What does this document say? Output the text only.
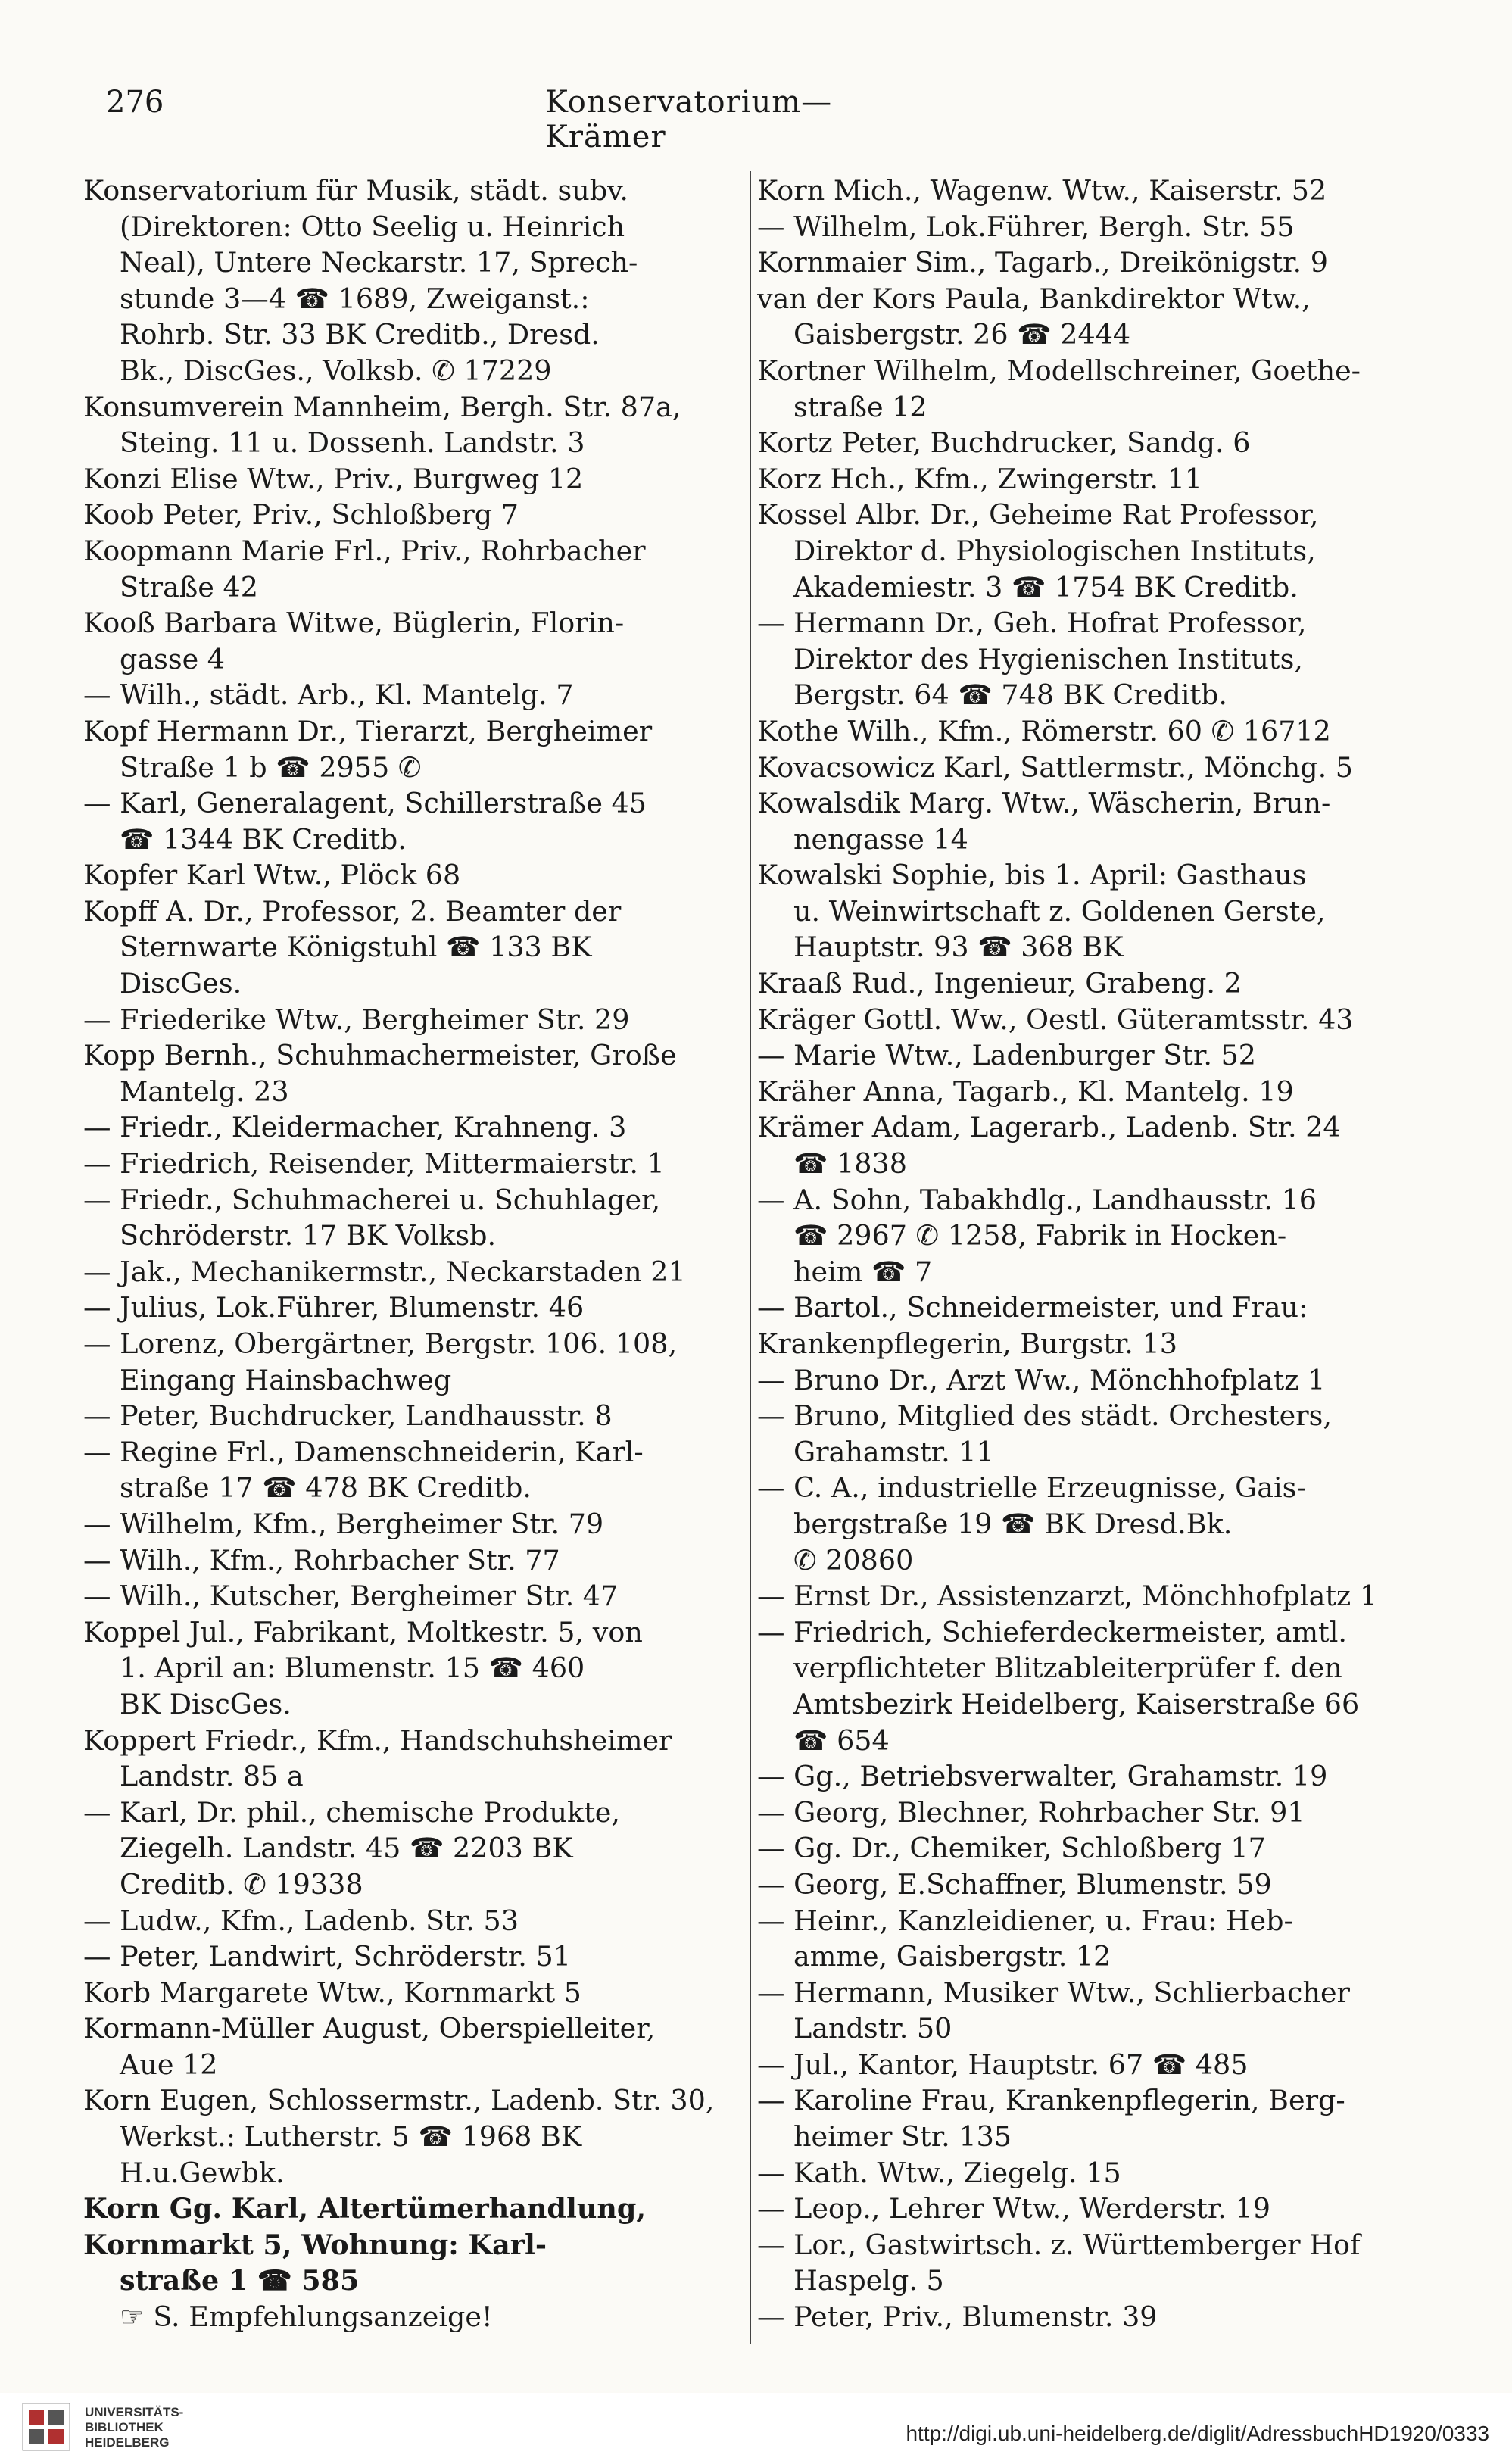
276	Konservatorium—Krämer
Konservatorium für Musik, städt. subv.
(Direktoren: Otto Seelig u. Heinrich
Neal), Untere Neckarstr. 17, Sprech-
stunde 3—4 ☎ 1689, Zweiganst.:
Rohrb. Str. 33 BK Creditb., Dresd.
Bk., DiscGes., Volksb. ✆ 17229
Konsumverein Mannheim, Bergh. Str. 87a,
Steing. 11 u. Dossenh. Landstr. 3
Konzi Elise Wtw., Priv., Burgweg 12
Koob Peter, Priv., Schloßberg 7
Koopmann Marie Frl., Priv., Rohrbacher
Straße 42
Kooß Barbara Witwe, Büglerin, Florin-
gasse 4
— Wilh., städt. Arb., Kl. Mantelg. 7
Kopf Hermann Dr., Tierarzt, Bergheimer
Straße 1 b ☎ 2955 ✆
— Karl, Generalagent, Schillerstraße 45
☎ 1344 BK Creditb.
Kopfer Karl Wtw., Plöck 68
Kopff A. Dr., Professor, 2. Beamter der
Sternwarte Königstuhl ☎ 133 BK
DiscGes.
— Friederike Wtw., Bergheimer Str. 29
Kopp Bernh., Schuhmachermeister, Große
Mantelg. 23
— Friedr., Kleidermacher, Krahneng. 3
— Friedrich, Reisender, Mittermaierstr. 1
— Friedr., Schuhmacherei u. Schuhlager,
Schröderstr. 17 BK Volksb.
— Jak., Mechanikermstr., Neckarstaden 21
— Julius, Lok.Führer, Blumenstr. 46
— Lorenz, Obergärtner, Bergstr. 106. 108,
Eingang Hainsbachweg
— Peter, Buchdrucker, Landhausstr. 8
— Regine Frl., Damenschneiderin, Karl-
straße 17 ☎ 478 BK Creditb.
— Wilhelm, Kfm., Bergheimer Str. 79
— Wilh., Kfm., Rohrbacher Str. 77
— Wilh., Kutscher, Bergheimer Str. 47
Koppel Jul., Fabrikant, Moltkestr. 5, von
1. April an: Blumenstr. 15 ☎ 460
BK DiscGes.
Koppert Friedr., Kfm., Handschuhsheimer
Landstr. 85 a
— Karl, Dr. phil., chemische Produkte,
Ziegelh. Landstr. 45 ☎ 2203 BK
Creditb. ✆ 19338
— Ludw., Kfm., Ladenb. Str. 53
— Peter, Landwirt, Schröderstr. 51
Korb Margarete Wtw., Kornmarkt 5
Kormann-Müller August, Oberspielleiter,
Aue 12
Korn Eugen, Schlossermstr., Ladenb. Str. 30,
Werkst.: Lutherstr. 5 ☎ 1968 BK
H.u.Gewbk.
Korn Gg. Karl, Altertümerhandlung,
Kornmarkt 5, Wohnung: Karl-
straße 1 ☎ 585
☞ S. Empfehlungsanzeige!
Korn Mich., Wagenw. Wtw., Kaiserstr. 52
— Wilhelm, Lok.Führer, Bergh. Str. 55
Kornmaier Sim., Tagarb., Dreikönigstr. 9
van der Kors Paula, Bankdirektor Wtw.,
Gaisbergstr. 26 ☎ 2444
Kortner Wilhelm, Modellschreiner, Goethe-
straße 12
Kortz Peter, Buchdrucker, Sandg. 6
Korz Hch., Kfm., Zwingerstr. 11
Kossel Albr. Dr., Geheime Rat Professor,
Direktor d. Physiologischen Instituts,
Akademiestr. 3 ☎ 1754 BK Creditb.
— Hermann Dr., Geh. Hofrat Professor,
Direktor des Hygienischen Instituts,
Bergstr. 64 ☎ 748 BK Creditb.
Kothe Wilh., Kfm., Römerstr. 60 ✆ 16712
Kovacsowicz Karl, Sattlermstr., Mönchg. 5
Kowalsdik Marg. Wtw., Wäscherin, Brun-
nengasse 14
Kowalski Sophie, bis 1. April: Gasthaus
u. Weinwirtschaft z. Goldenen Gerste,
Hauptstr. 93 ☎ 368 BK
Kraaß Rud., Ingenieur, Grabeng. 2
Kräger Gottl. Ww., Oestl. Güteramtsstr. 43
— Marie Wtw., Ladenburger Str. 52
Kräher Anna, Tagarb., Kl. Mantelg. 19
Krämer Adam, Lagerarb., Ladenb. Str. 24
☎ 1838
— A. Sohn, Tabakhdlg., Landhausstr. 16
☎ 2967 ✆ 1258, Fabrik in Hocken-
heim ☎ 7
— Bartol., Schneidermeister, und Frau:
Krankenpflegerin, Burgstr. 13
— Bruno Dr., Arzt Ww., Mönchhofplatz 1
— Bruno, Mitglied des städt. Orchesters,
Grahamstr. 11
— C. A., industrielle Erzeugnisse, Gais-
bergstraße 19 ☎ BK Dresd.Bk.
✆ 20860
— Ernst Dr., Assistenzarzt, Mönchhofplatz 1
— Friedrich, Schieferdeckermeister, amtl.
verpflichteter Blitzableiterprüfer f. den
Amtsbezirk Heidelberg, Kaiserstraße 66
☎ 654
— Gg., Betriebsverwalter, Grahamstr. 19
— Georg, Blechner, Rohrbacher Str. 91
— Gg. Dr., Chemiker, Schloßberg 17
— Georg, E.Schaffner, Blumenstr. 59
— Heinr., Kanzleidiener, u. Frau: Heb-
amme, Gaisbergstr. 12
— Hermann, Musiker Wtw., Schlierbacher
Landstr. 50
— Jul., Kantor, Hauptstr. 67 ☎ 485
— Karoline Frau, Krankenpflegerin, Berg-
heimer Str. 135
— Kath. Wtw., Ziegelg. 15
— Leop., Lehrer Wtw., Werderstr. 19
— Lor., Gastwirtsch. z. Württemberger Hof
Haspelg. 5
— Peter, Priv., Blumenstr. 39
UNIVERSITÄTS-
BIBLIOTHEK
HEIDELBERG	http://digi.ub.uni-heidelberg.de/diglit/AdressbuchHD1920/0333
